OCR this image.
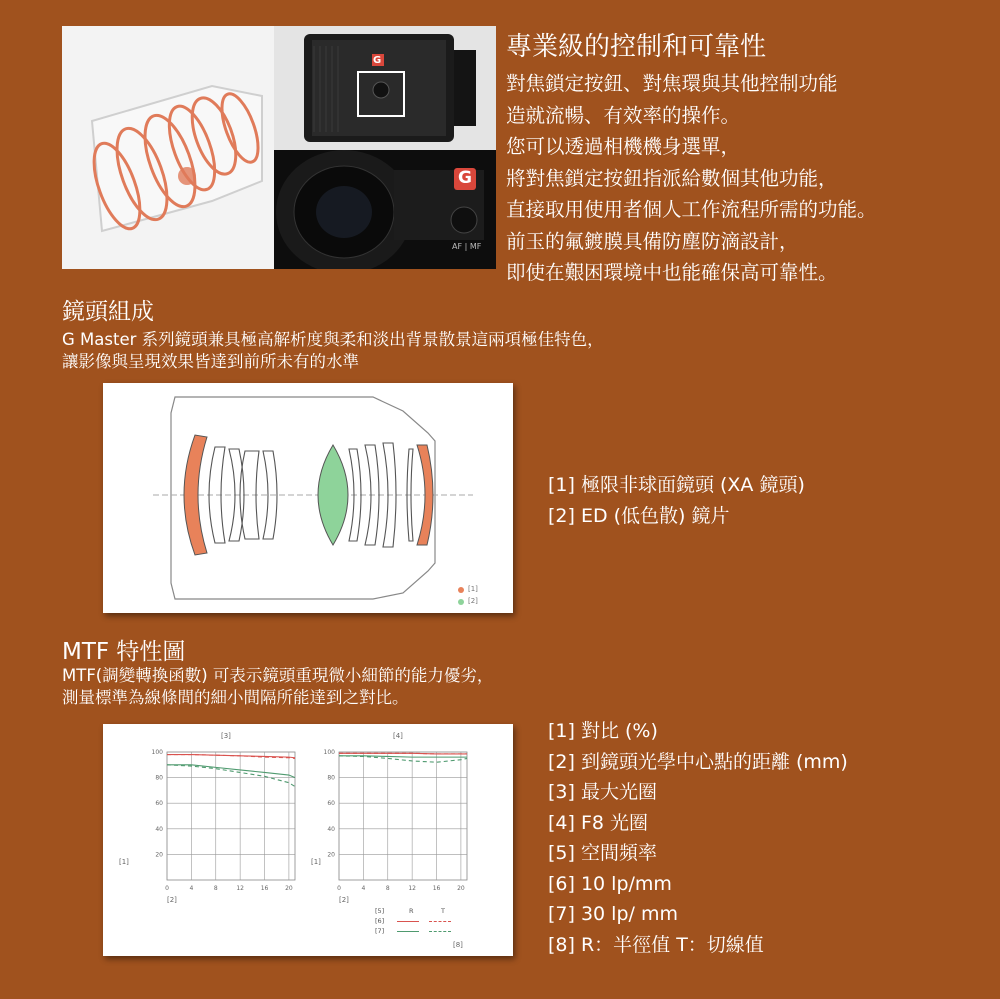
G
G
AF | MF
專業級的控制和可靠性
對焦鎖定按鈕、對焦環與其他控制功能
造就流暢、有效率的操作。
您可以透過相機機身選單，
將對焦鎖定按鈕指派給數個其他功能，
直接取用使用者個人工作流程所需的功能。
前玉的氟鍍膜具備防塵防滴設計，
即使在艱困環境中也能確保高可靠性。
鏡頭組成
G Master 系列鏡頭兼具極高解析度與柔和淡出背景散景這兩項極佳特色，
讓影像與呈現效果皆達到前所未有的水準
[1]
[2]
[1] 極限非球面鏡頭 (XA 鏡頭)
[2] ED (低色散) 鏡片
MTF 特性圖
MTF(調變轉換函數) 可表示鏡頭重現微小細節的能力優劣，
測量標準為線條間的細小間隔所能達到之對比。
0	4	8	12	16	20
20
40
60
80
100
0	4	8	12	16	20
20
40
60
80
100
[3]	[4]
[1]	[1]
[2]	[2]
[5]	R	T
[6]
[7]
[8]
[1] 對比 (%)
[2] 到鏡頭光學中心點的距離 (mm)
[3] 最大光圈
[4] F8 光圈
[5] 空間頻率
[6] 10 lp/mm
[7] 30 lp/ mm
[8] R：半徑值 T：切線值
